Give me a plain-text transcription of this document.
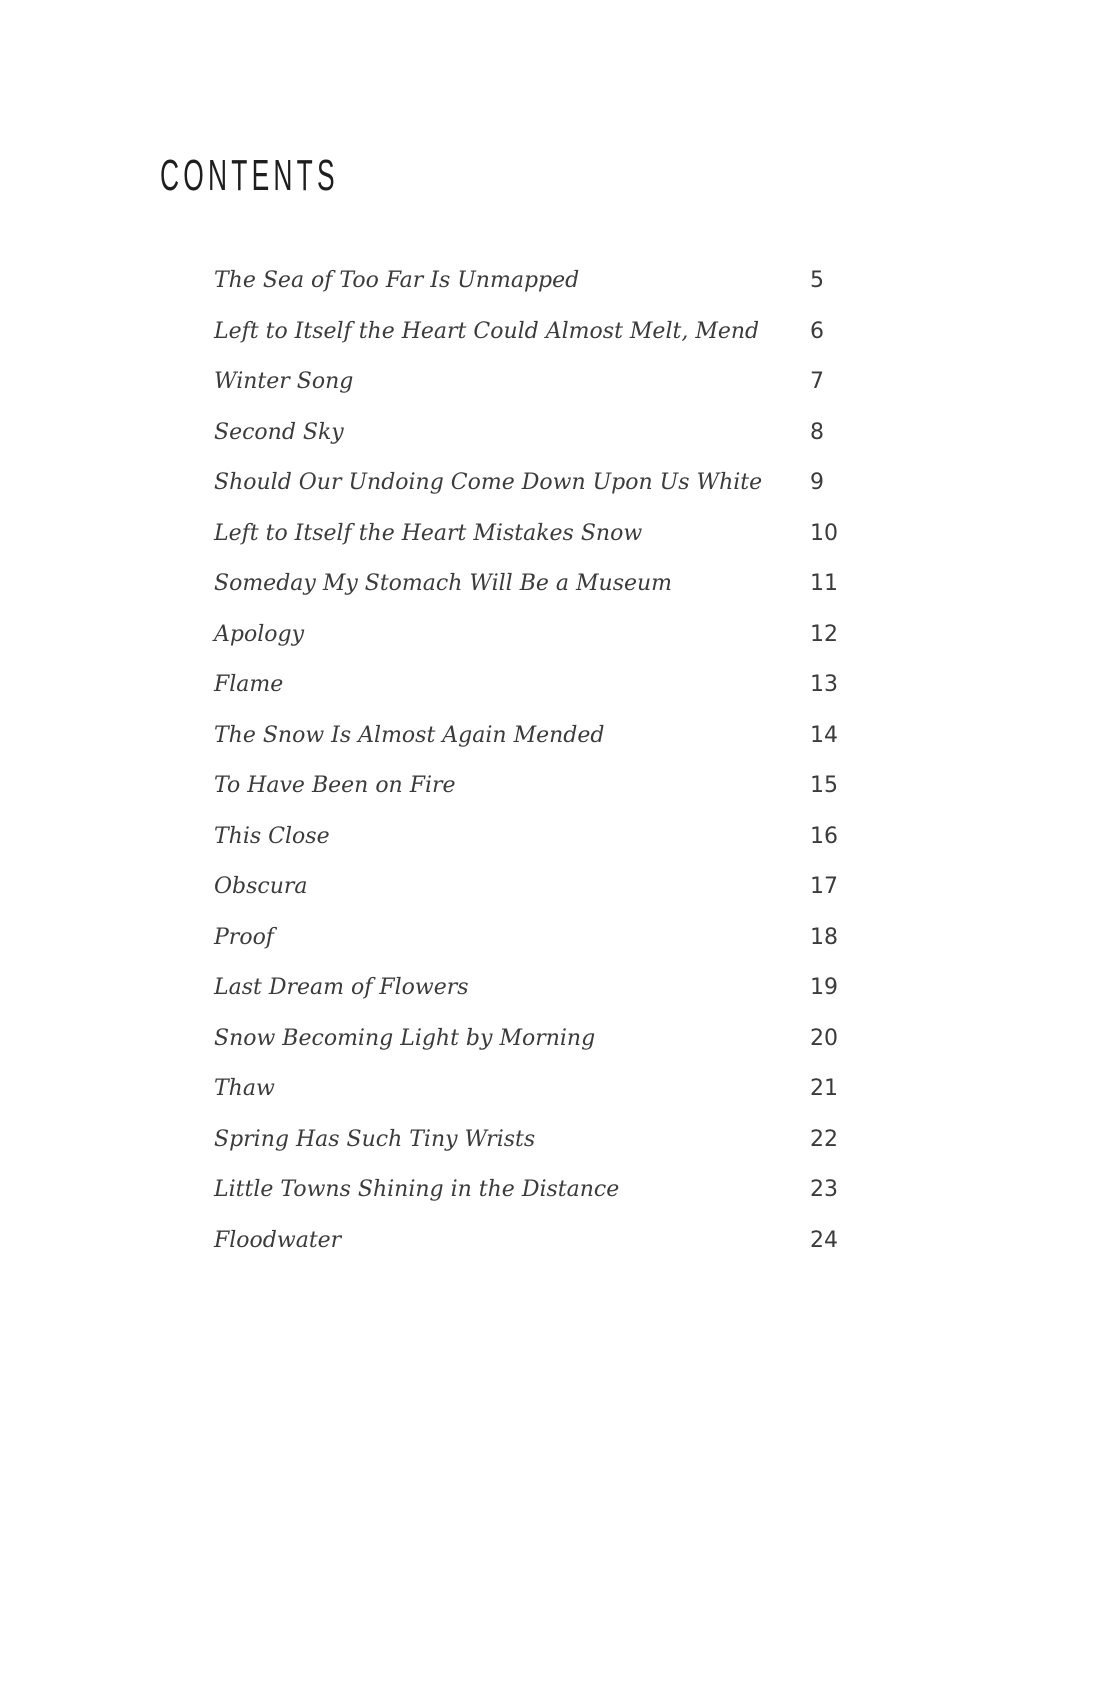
CONTENTS
The Sea of Too Far Is Unmapped	5
Left to Itself the Heart Could Almost Melt, Mend 6
Winter Song	7
Second Sky	8
Should Our Undoing Come Down Upon Us White 9
Left to Itself the Heart Mistakes Snow	10
Someday My Stomach Will Be a Museum	11
Apology	12
Flame	13
The Snow Is Almost Again Mended	14
To Have Been on Fire	15
This Close	16
Obscura	17
Proof	18
Last Dream of Flowers	19
Snow Becoming Light by Morning	20
Thaw	21
Spring Has Such Tiny Wrists	22
Little Towns Shining in the Distance	23
Floodwater	24
